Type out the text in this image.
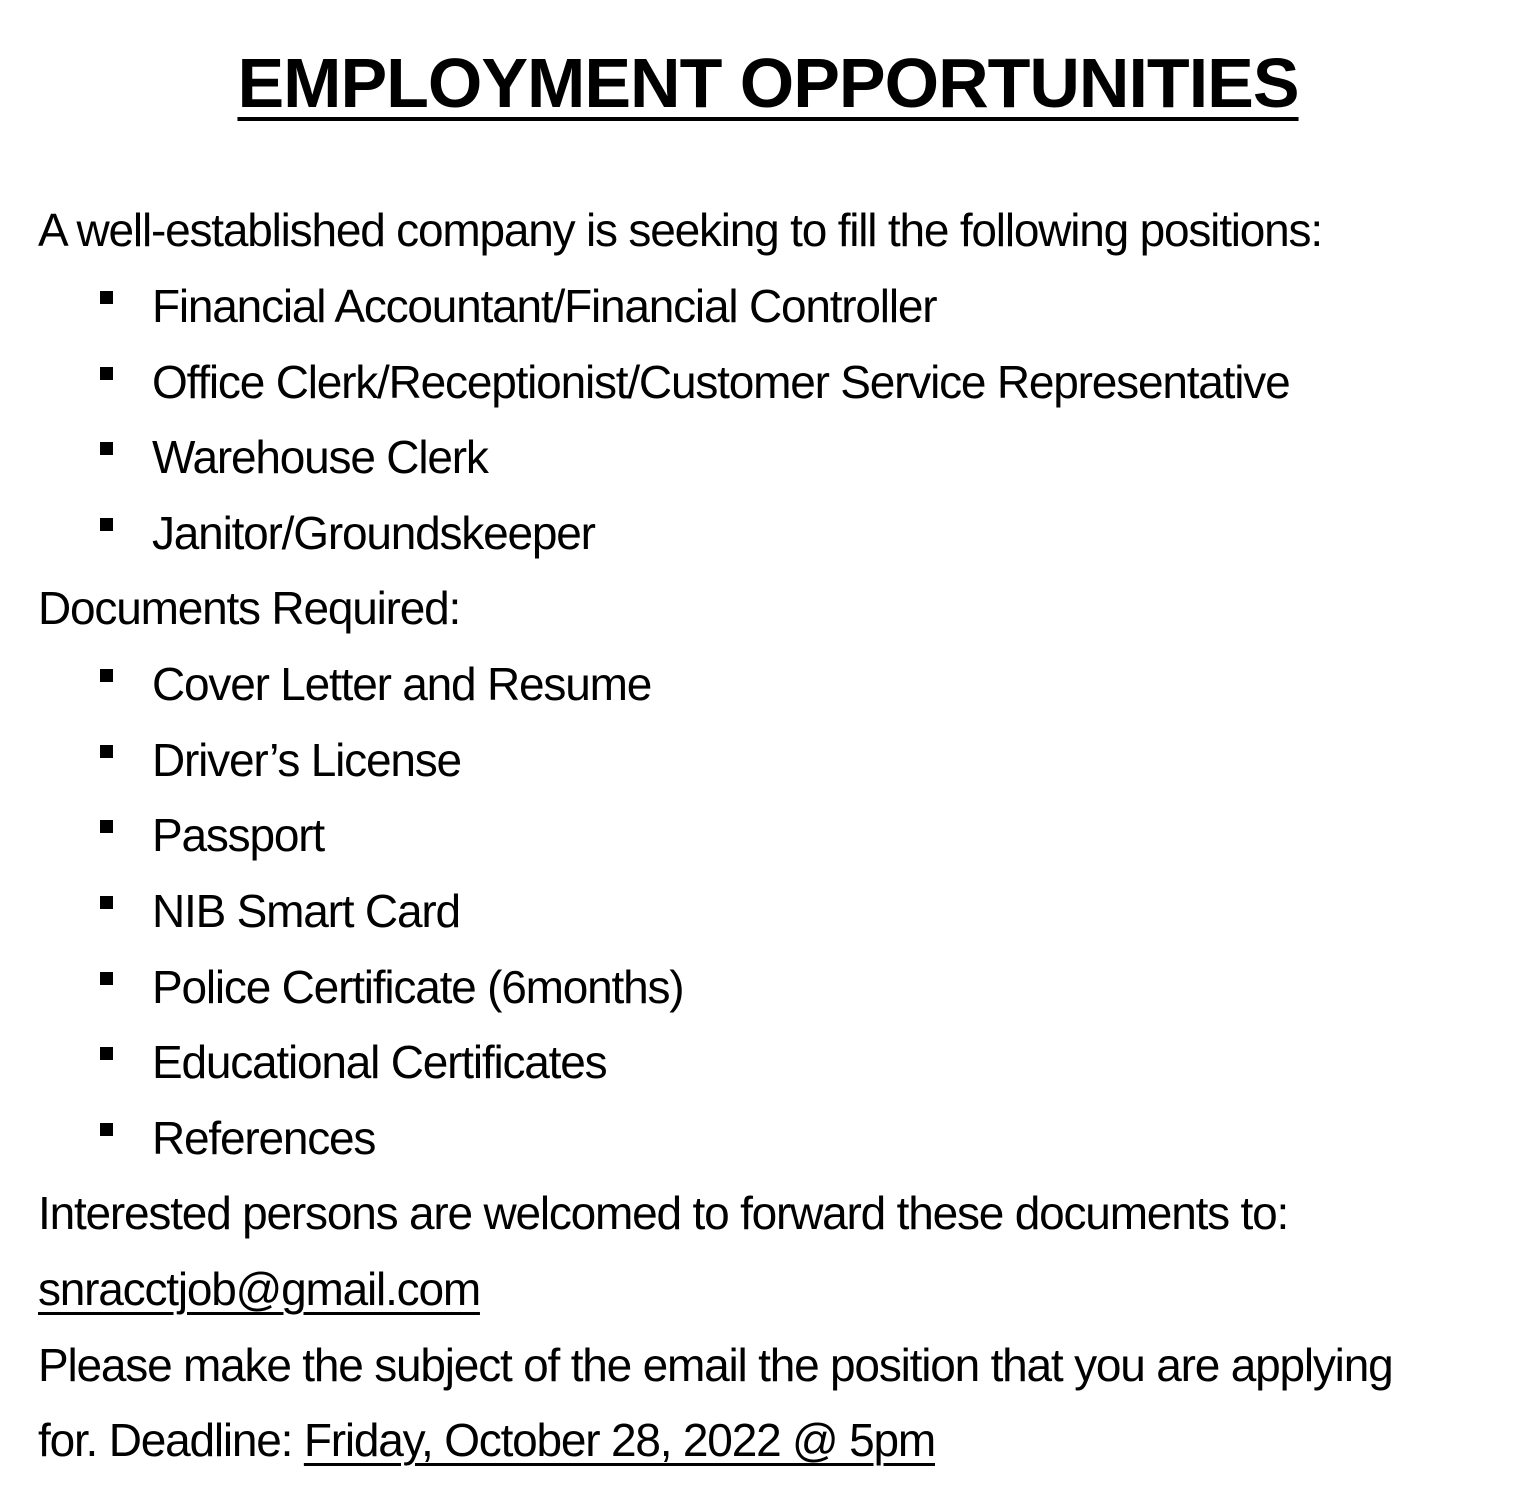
EMPLOYMENT OPPORTUNITIES
A well-established company is seeking to fill the following positions:
Financial Accountant/Financial Controller
Office Clerk/Receptionist/Customer Service Representative
Warehouse Clerk
Janitor/Groundskeeper
Documents Required:
Cover Letter and Resume
Driver’s License
Passport
NIB Smart Card
Police Certificate (6months)
Educational Certificates
References
Interested persons are welcomed to forward these documents to:
snracctjob@gmail.com
Please make the subject of the email the position that you are applying
for. Deadline: Friday, October 28, 2022 @ 5pm
